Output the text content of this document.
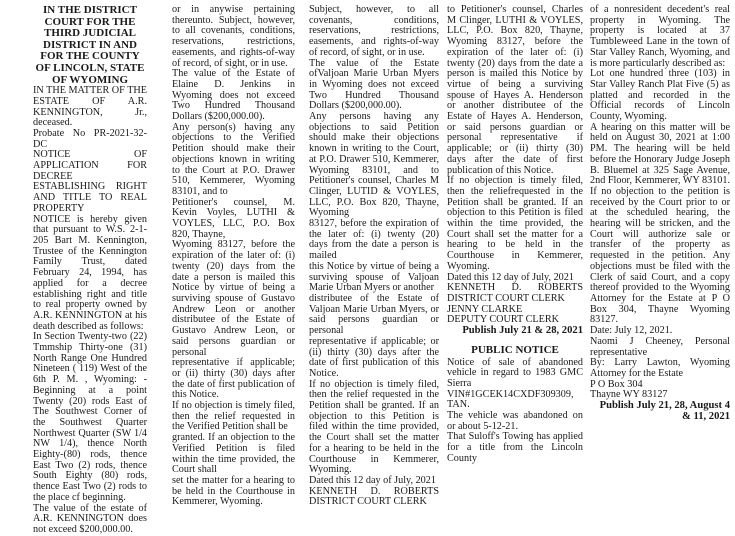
IN THE DISTRICT COURT FOR THE THIRD JUDICIAL DISTRICT IN AND FOR THE COUNTY OF LINCOLN, STATE OF WYOMING

IN THE MATTER OF THE ESTATE OF A.R. KENNINGTON, Jr., deceased.

Probate No PR-2021-32-DC

NOTICE OF APPLICATION FOR DECREE ESTABLISHING RIGHT AND TITLE TO REAL PROPERTY

NOTICE is hereby given that pursuant to W.S. 2-1-205 Bart M. Kennington, Trustee of the Kennington Family Trust, dated February 24, 1994, has applied for a decree establishing right and title to real property owned by A.R. KENNINGTON at his death described as follows:

In Section Twenty-two (22) Tmmship Thirty-one (31) North Range One Hundred Nineteen ( 119) West of the 6th P. M. , Wyoming: -Beginning at a point Twenty (20) rods East of The Southwest Corner of the Southwest Quarter Northwest Quarter (SW 1/4 NW 1/4), thence North Eighty-(80) rods, thence East Two (2) rods, thence South Eighty (80) rods, thence East Two (2) rods to the place cf beginning.

The value of the estate of A.R. KENNINGTON does not exceed $200,000.00.

or in anywise pertaining thereunto. Subject, however, to all covenants, conditions, reservations, restrictions, easements, and rights-of-way of record, of sight, or in use.

The value of the Estate of Elaine D. Jenkins in Wyoming does not exceed Two Hundred Thousand Dollars ($200,000.00).

Any person(s) having any objections to the Verified Petition should make their objections known in writing to the Court at P.O. Drawer 510, Kemmerer, Wyoming 83101, and to

Petitioner's counsel, M. Kevin Voyles, LUTHI & VOYLES, LLC, P.O. Box 820, Thayne,

Wyoming 83127, before the expiration of the later of: (i) twenty (20) days from the date a person is mailed this Notice by virtue of being a surviving spouse of Gustavo Andrew Leon or another distributee of the Estate of Gustavo Andrew Leon, or said persons guardian or personal

representative if applicable; or (ii) thirty (30) days after the date of first publication of this Notice.

If no objection is timely filed, then the relief requested in the Verified Petition shall be

granted. If an objection to the Verified Petition is filed within the time provided, the Court shall

set the matter for a hearing to be held in the Courthouse in Kemmerer, Wyoming.

Subject, however, to all covenants, conditions, reservations, restrictions, easements, and rights-of-way of record, of sight, or in use.

The value of the Estate ofValjoan Marie Urban Myers in Wyoming does not exceed Two Hundred Thousand Dollars ($200,000.00).

Any persons having any objections to said Petition should make their objections known in writing to the Court, at P.O. Drawer 510, Kemmerer, Wyoming 83101, and to Petitioner's counsel, Charles M Clinger, LUTID & VOYLES, LLC, P.O. Box 820, Thayne, Wyoming

83127, before the expiration of the later of: (i) twenty (20) days from the date a person is mailed

this Notice by virtue of being a surviving spouse of Valjoan Marie Urban Myers or another

distributee of the Estate of Valjoan Marie Urban Myers, or said persons guardian or personal

representative if applicable; or (ii) thirty (30) days after the date of first publication of this Notice.

If no objection is timely filed, then the relief requested in the Petition shall be granted. If an objection to this Petition is filed within the time provided, the Court shall set the matter for a hearing to be held in the Courthouse in Kemmerer, Wyoming.

Dated this 12 day of July, 2021

KENNETH D. ROBERTS DISTRICT COURT CLERK

to Petitioner's counsel, Charles M Clinger, LUTHI & VOYLES, LLC, P.O. Box 820, Thayne, Wyoming 83127, before the expiration of the later of: (i) twenty (20) days from the date a person is mailed this Notice by virtue of being a surviving spouse of Hayes A. Henderson or another distributee of the Estate of Hayes A. Henderson, or said persons guardian or personal representative if applicable; or (ii) thirty (30) days after the date of first publication of this Notice.

If no objection is timely filed, then the reliefrequested in the Petition shall be granted. If an objection to this Petition is filed within the time provided, the Court shall set the matter for a hearing to be held in the Courthouse in Kemmerer, Wyoming.

Dated this 12 day of July, 2021

KENNETH D. ROBERTS DISTRICT COURT CLERK

JENNY CLARKE

DEPUTY COURT CLERK

Publish July 21 & 28, 2021

PUBLIC NOTICE

Notice of sale of abandoned vehicle in regard to 1983 GMC Sierra VIN#1GCEK14CXDF309309, TAN.

The vehicle was abandoned on or about 5-12-21.

That Suloff's Towing has applied for a title from the Lincoln County

of a nonresident decedent's real property in Wyoming. The property is located at 37 Tumbleweed Lane in the town of Star Valley Ranch, Wyoming, and is more particularly described as:

Lot one hundred three (103) in Star Valley Ranch Plat Five (5) as platted and recorded in the Official records of Lincoln County, Wyoming.

A hearing on this matter will be held on August 30, 2021 at 1:00 PM. The hearing will be held before the Honorary Judge Joseph B. Bluemel at 325 Sage Avenue, 2nd Floor, Kemmerer, WY 83101. If no objection to the petition is received by the Court prior to or at the scheduled hearing, the hearing will be stricken, and the Court will authorize sale or transfer of the property as requested in the petition. Any objections must be filed with the Clerk of said Court, and a copy thereof provided to the Wyoming Attorney for the Estate at P O Box 304, Thayne Wyoming 83127.

Date: July 12, 2021.

Naomi J Cheeney, Personal representative

By: Larry Lawton, Wyoming Attorney for the Estate

P O Box 304

Thayne WY 83127

Publish July 21, 28, August 4 & 11, 2021
